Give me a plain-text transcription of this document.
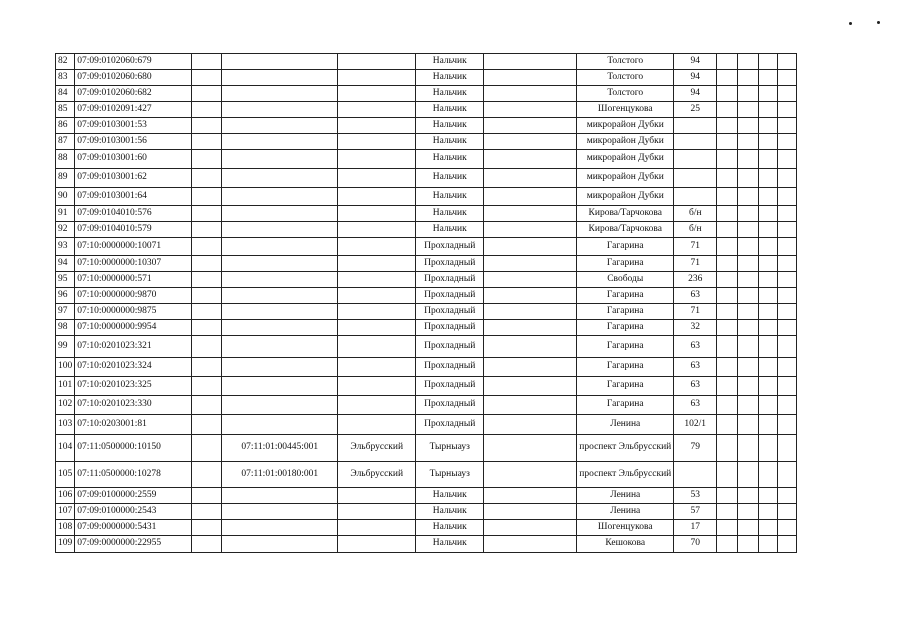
82	07:09:0102060:679				Нальчик		Толстого	94				
83	07:09:0102060:680				Нальчик		Толстого	94				
84	07:09:0102060:682				Нальчик		Толстого	94				
85	07:09:0102091:427				Нальчик		Шогенцукова	25				
86	07:09:0103001:53				Нальчик		микрорайон Дубки					
87	07:09:0103001:56				Нальчик		микрорайон Дубки					
88	07:09:0103001:60				Нальчик		микрорайон Дубки					
89	07:09:0103001:62				Нальчик		микрорайон Дубки					
90	07:09:0103001:64				Нальчик		микрорайон Дубки					
91	07:09:0104010:576				Нальчик		Кирова/Тарчокова	б/н				
92	07:09:0104010:579				Нальчик		Кирова/Тарчокова	б/н				
93	07:10:0000000:10071				Прохладный		Гагарина	71				
94	07:10:0000000:10307				Прохладный		Гагарина	71				
95	07:10:0000000:571				Прохладный		Свободы	236				
96	07:10:0000000:9870				Прохладный		Гагарина	63				
97	07:10:0000000:9875				Прохладный		Гагарина	71				
98	07:10:0000000:9954				Прохладный		Гагарина	32				
99	07:10:0201023:321				Прохладный		Гагарина	63				
100	07:10:0201023:324				Прохладный		Гагарина	63				
101	07:10:0201023:325				Прохладный		Гагарина	63				
102	07:10:0201023:330				Прохладный		Гагарина	63				
103	07:10:0203001:81				Прохладный		Ленина	102/1				
104	07:11:0500000:10150		07:11:01:00445:001	Эльбрусский	Тырныауз		проспект Эльбрусский	79				
105	07:11:0500000:10278		07:11:01:00180:001	Эльбрусский	Тырныауз		проспект Эльбрусский					
106	07:09:0100000:2559				Нальчик		Ленина	53				
107	07:09:0100000:2543				Нальчик		Ленина	57				
108	07:09:0000000:5431				Нальчик		Шогенцукова	17				
109	07:09:0000000:22955				Нальчик		Кешокова	70				
